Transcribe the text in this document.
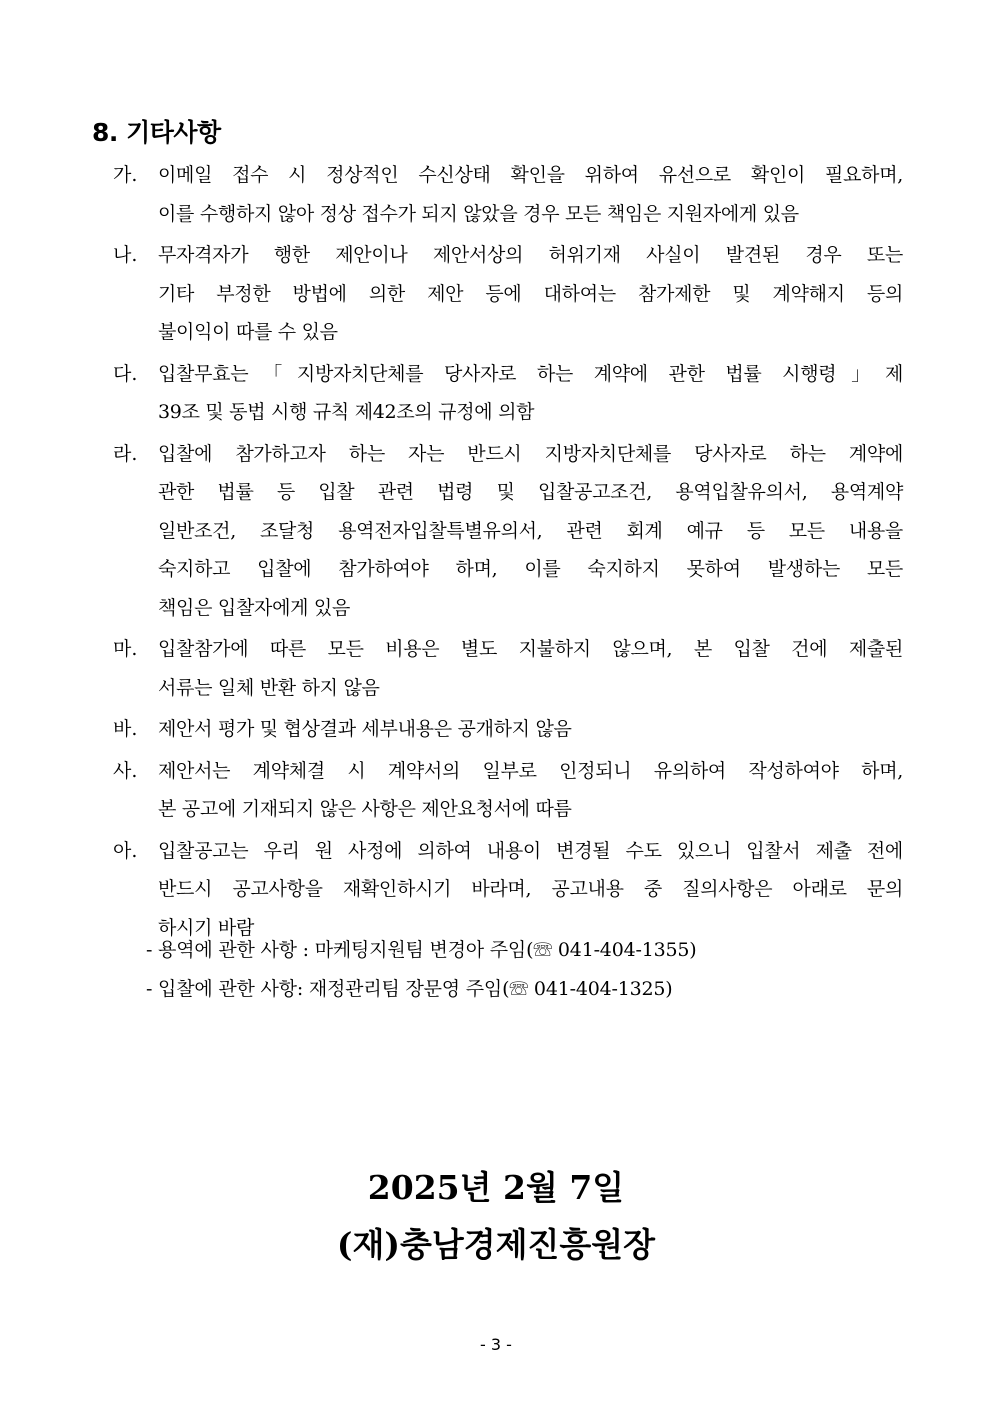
8. 기타사항
가. 이메일 접수 시 정상적인 수신상태 확인을 위하여 유선으로 확인이 필요하며,
이를 수행하지 않아 정상 접수가 되지 않았을 경우 모든 책임은 지원자에게 있음
나. 무자격자가 행한 제안이나 제안서상의 허위기재 사실이 발견된 경우 또는
기타 부정한 방법에 의한 제안 등에 대하여는 참가제한 및 계약해지 등의
불이익이 따를 수 있음
다. 입찰무효는「지방자치단체를 당사자로 하는 계약에 관한 법률 시행령」제
39조 및 동법 시행 규칙 제42조의 규정에 의함
라. 입찰에 참가하고자 하는 자는 반드시 지방자치단체를 당사자로 하는 계약에
관한 법률 등 입찰 관련 법령 및 입찰공고조건, 용역입찰유의서, 용역계약
일반조건, 조달청 용역전자입찰특별유의서, 관련 회계 예규 등 모든 내용을
숙지하고 입찰에 참가하여야 하며, 이를 숙지하지 못하여 발생하는 모든
책임은 입찰자에게 있음
마. 입찰참가에 따른 모든 비용은 별도 지불하지 않으며, 본 입찰 건에 제출된
서류는 일체 반환 하지 않음
바. 제안서 평가 및 협상결과 세부내용은 공개하지 않음
사. 제안서는 계약체결 시 계약서의 일부로 인정되니 유의하여 작성하여야 하며,
본 공고에 기재되지 않은 사항은 제안요청서에 따름
아. 입찰공고는 우리 원 사정에 의하여 내용이 변경될 수도 있으니 입찰서 제출 전에
반드시 공고사항을 재확인하시기 바라며, 공고내용 중 질의사항은 아래로 문의
하시기 바람
- 용역에 관한 사항 : 마케팅지원팀 변경아 주임(☏ 041-404-1355)
- 입찰에 관한 사항: 재정관리팀 장문영 주임(☏ 041-404-1325)
2025년 2월 7일
(재)충남경제진흥원장
- 3 -
